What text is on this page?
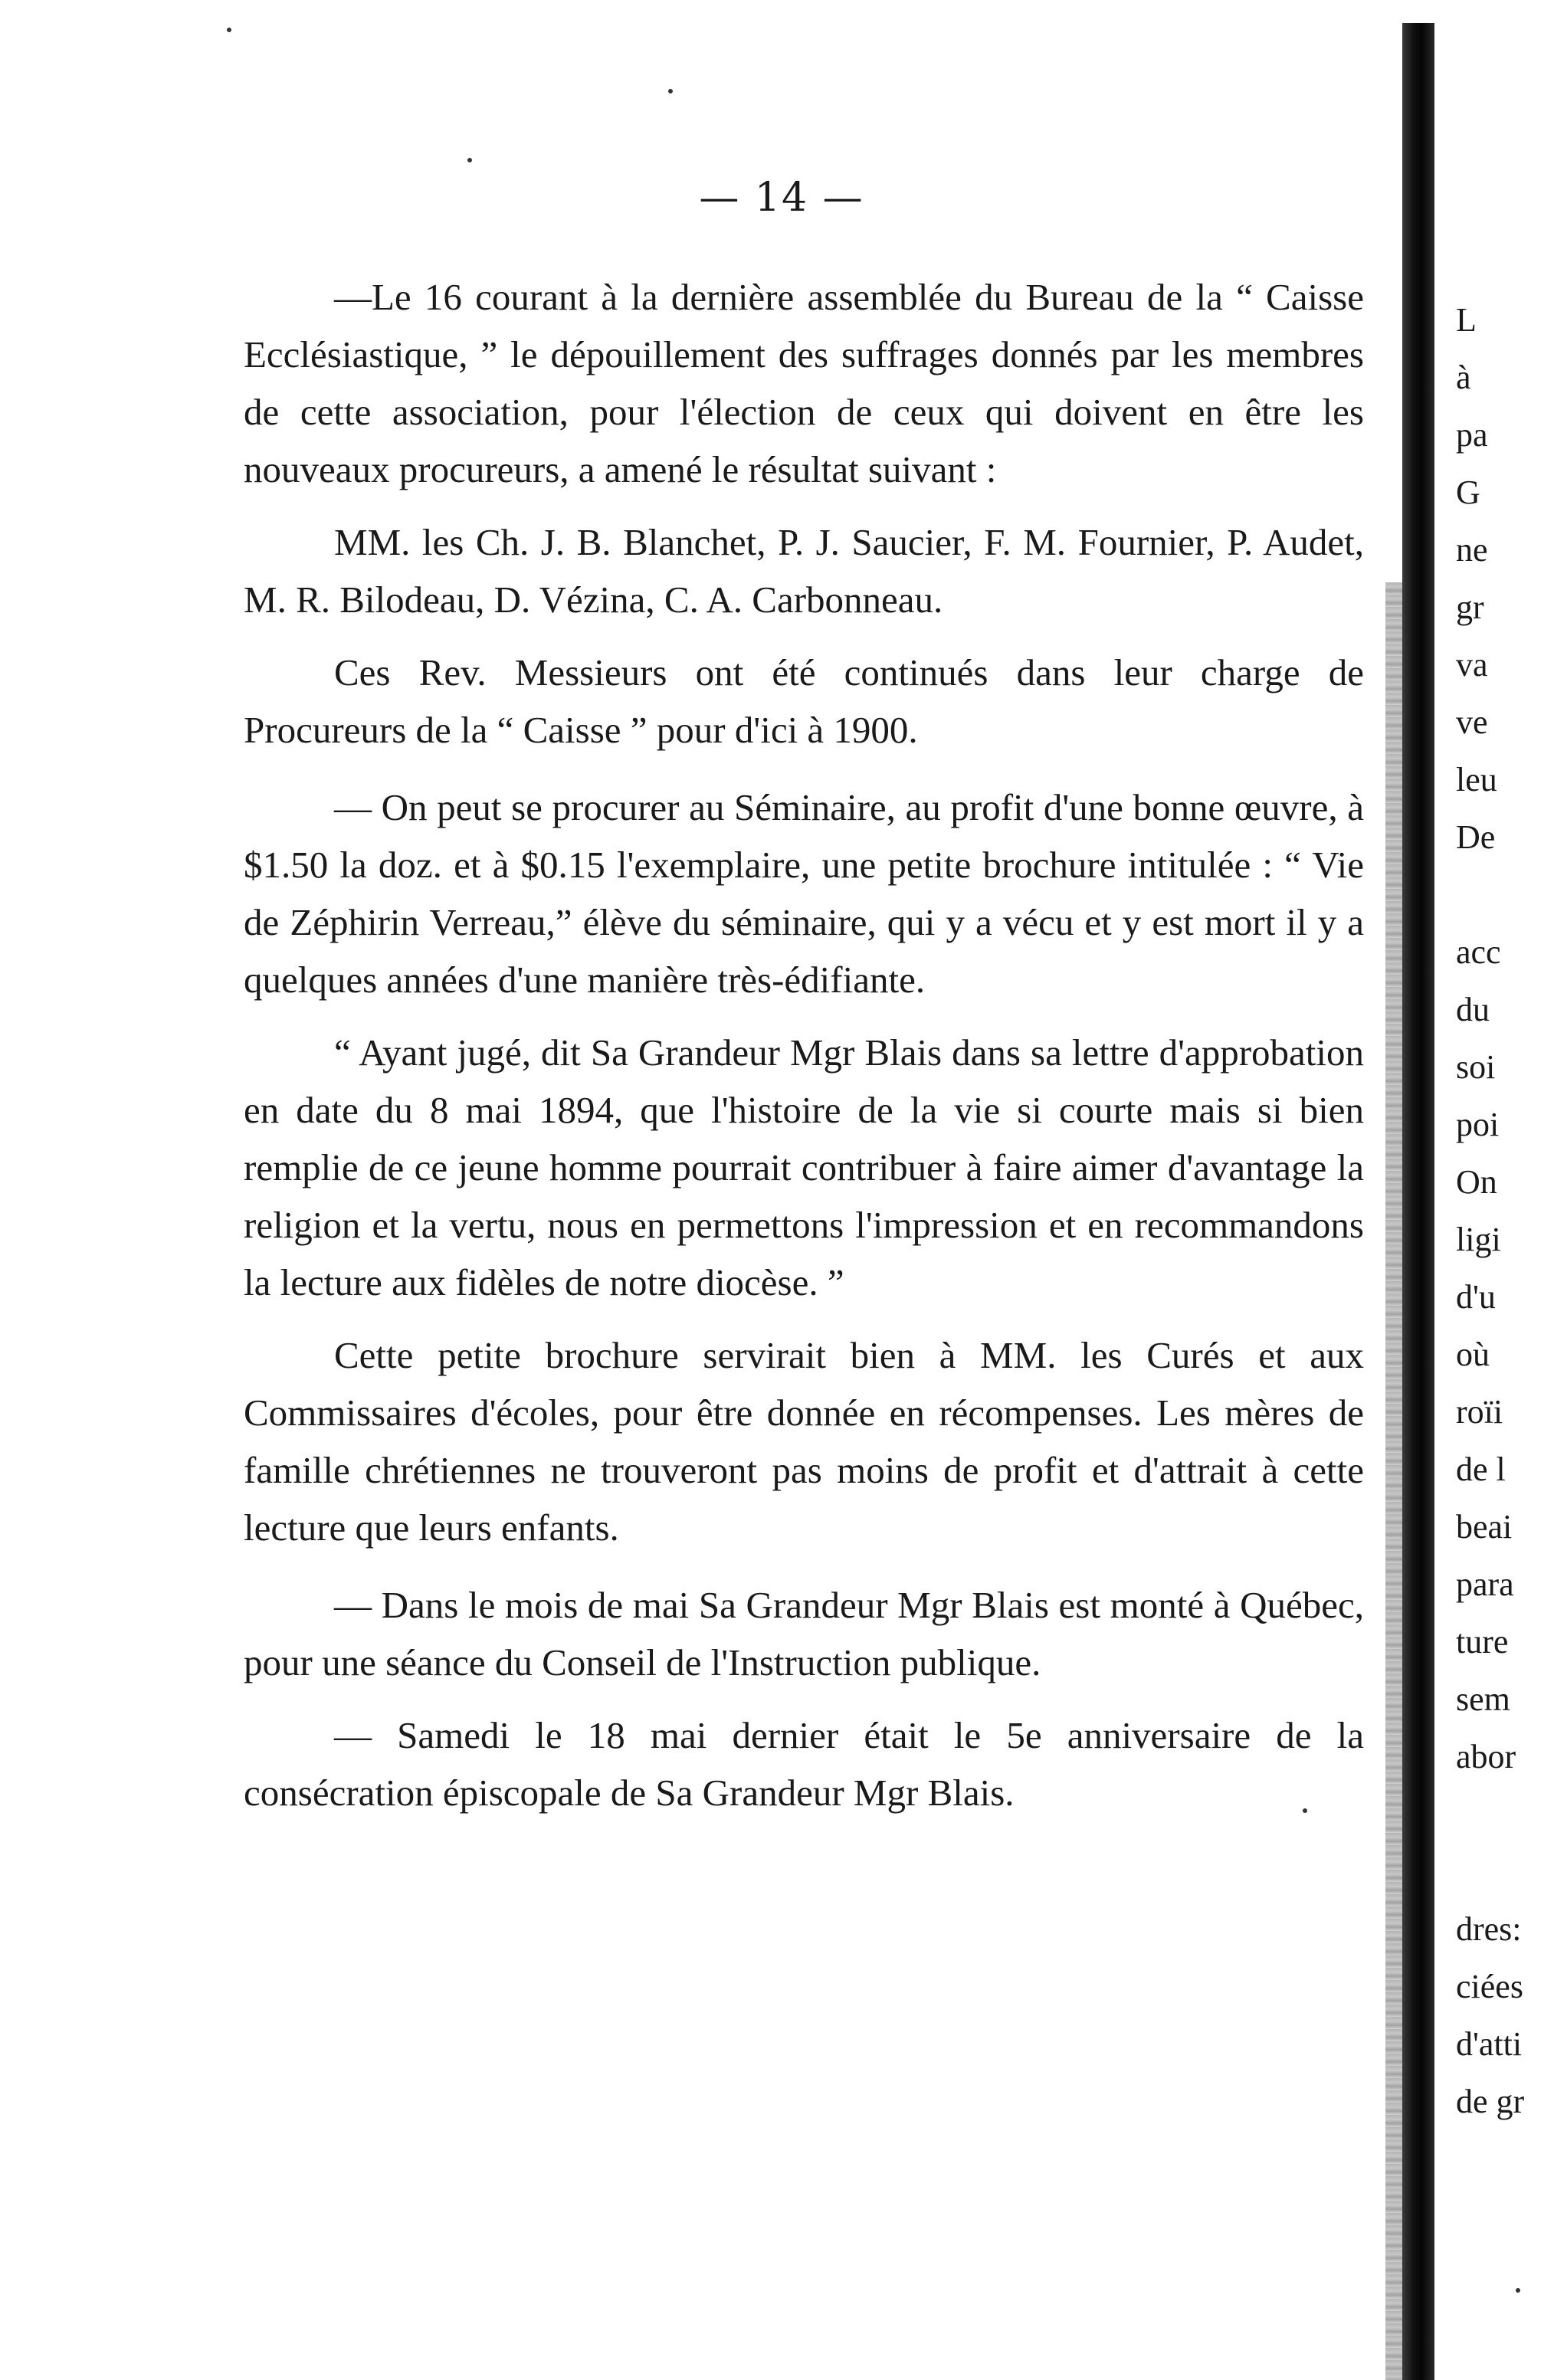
— 14 —

—Le 16 courant à la dernière assemblée du Bureau de la “ Caisse Ecclésiastique, ” le dépouillement des suffrages donnés par les membres de cette association, pour l'élection de ceux qui doivent en être les nouveaux procureurs, a amené le résultat suivant :

MM. les Ch. J. B. Blanchet, P. J. Saucier, F. M. Fournier, P. Audet, M. R. Bilodeau, D. Vézina, C. A. Carbonneau.

Ces Rev. Messieurs ont été continués dans leur charge de Procureurs de la “ Caisse ” pour d'ici à 1900.

— On peut se procurer au Séminaire, au profit d'une bonne œuvre, à $1.50 la doz. et à $0.15 l'exemplaire, une petite brochure intitulée : “ Vie de Zéphirin Verreau,” élève du séminaire, qui y a vécu et y est mort il y a quelques années d'une manière très-édifiante.

“ Ayant jugé, dit Sa Grandeur Mgr Blais dans sa lettre d'approbation en date du 8 mai 1894, que l'histoire de la vie si courte mais si bien remplie de ce jeune homme pourrait contribuer à faire aimer d'avantage la religion et la vertu, nous en permettons l'impression et en recommandons la lecture aux fidèles de notre diocèse. ”

Cette petite brochure servirait bien à MM. les Curés et aux Commissaires d'écoles, pour être donnée en récompenses. Les mères de famille chrétiennes ne trouveront pas moins de profit et d'attrait à cette lecture que leurs enfants.

— Dans le mois de mai Sa Grandeur Mgr Blais est monté à Québec, pour une séance du Conseil de l'Instruction publique.

— Samedi le 18 mai dernier était le 5e anniversaire de la consécration épiscopale de Sa Grandeur Mgr Blais.

L
à
pa
G
ne
gr
va
ve
leu
De
acc
du
soi
poi
On
ligi
d'u
où
roïi
de l
beai
para
ture
sem
abor
dres:
ciées
d'atti
de gr
